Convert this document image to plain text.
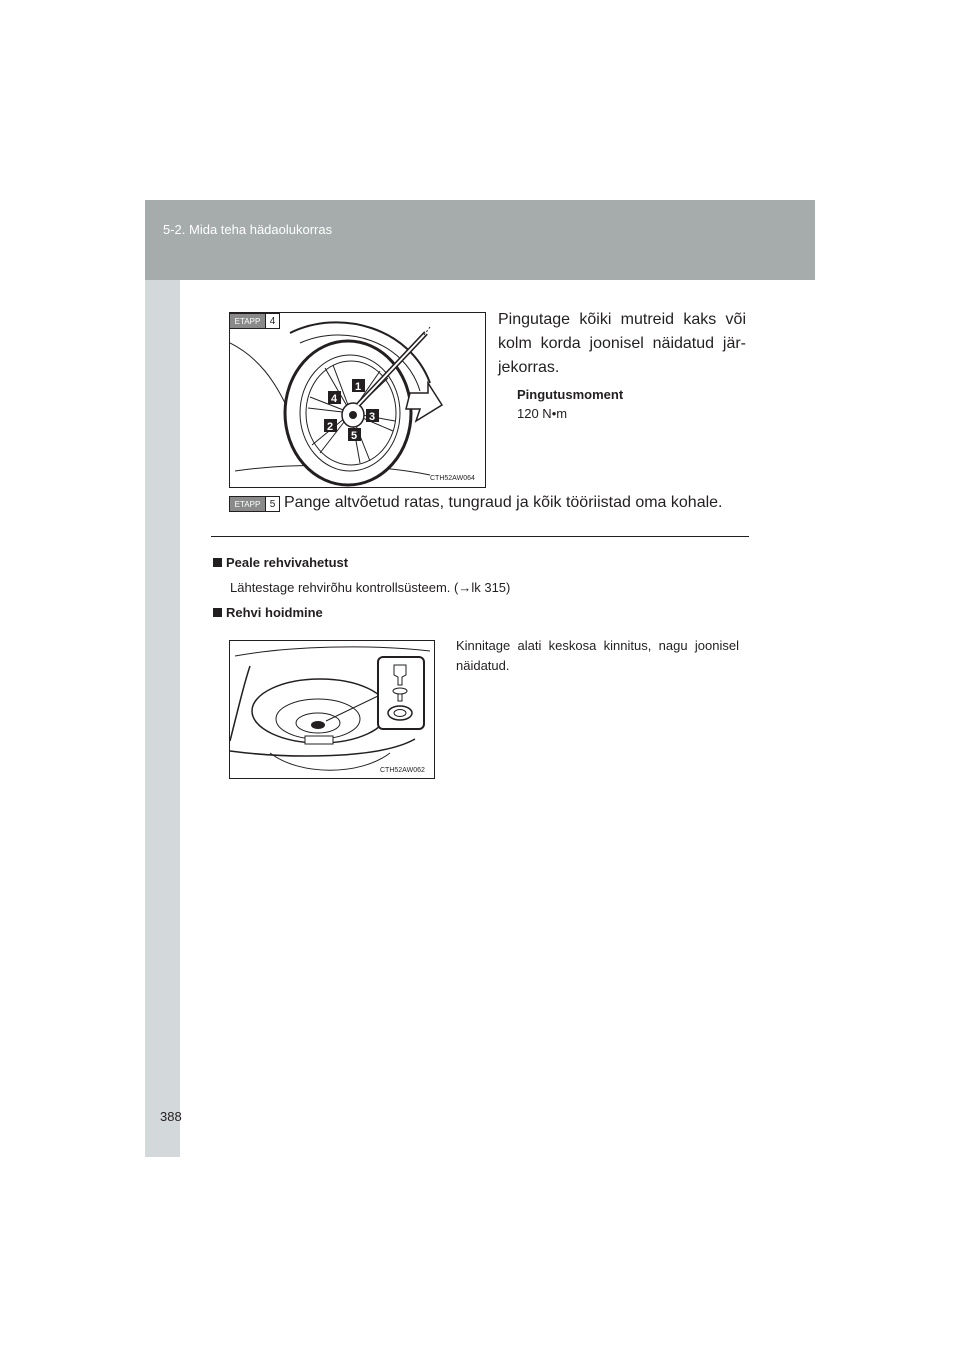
5-2. Mida teha hädaolukorras
1
4
3
2
5
CTH52AW064
ETAPP 4	Pingutage kõiki mutreid kaks või kolm korda joonisel näidatud jär-jekorras.
Pingutusmoment
120 N•m
ETAPP 5 Pange altvõetud ratas, tungraud ja kõik tööriistad oma kohale.
Peale rehvivahetust
Lähtestage rehvirõhu kontrollsüsteem. (→lk 315)
Rehvi hoidmine
CTH52AW062
Kinnitage alati keskosa kinnitus, nagu joonisel näidatud.
388
